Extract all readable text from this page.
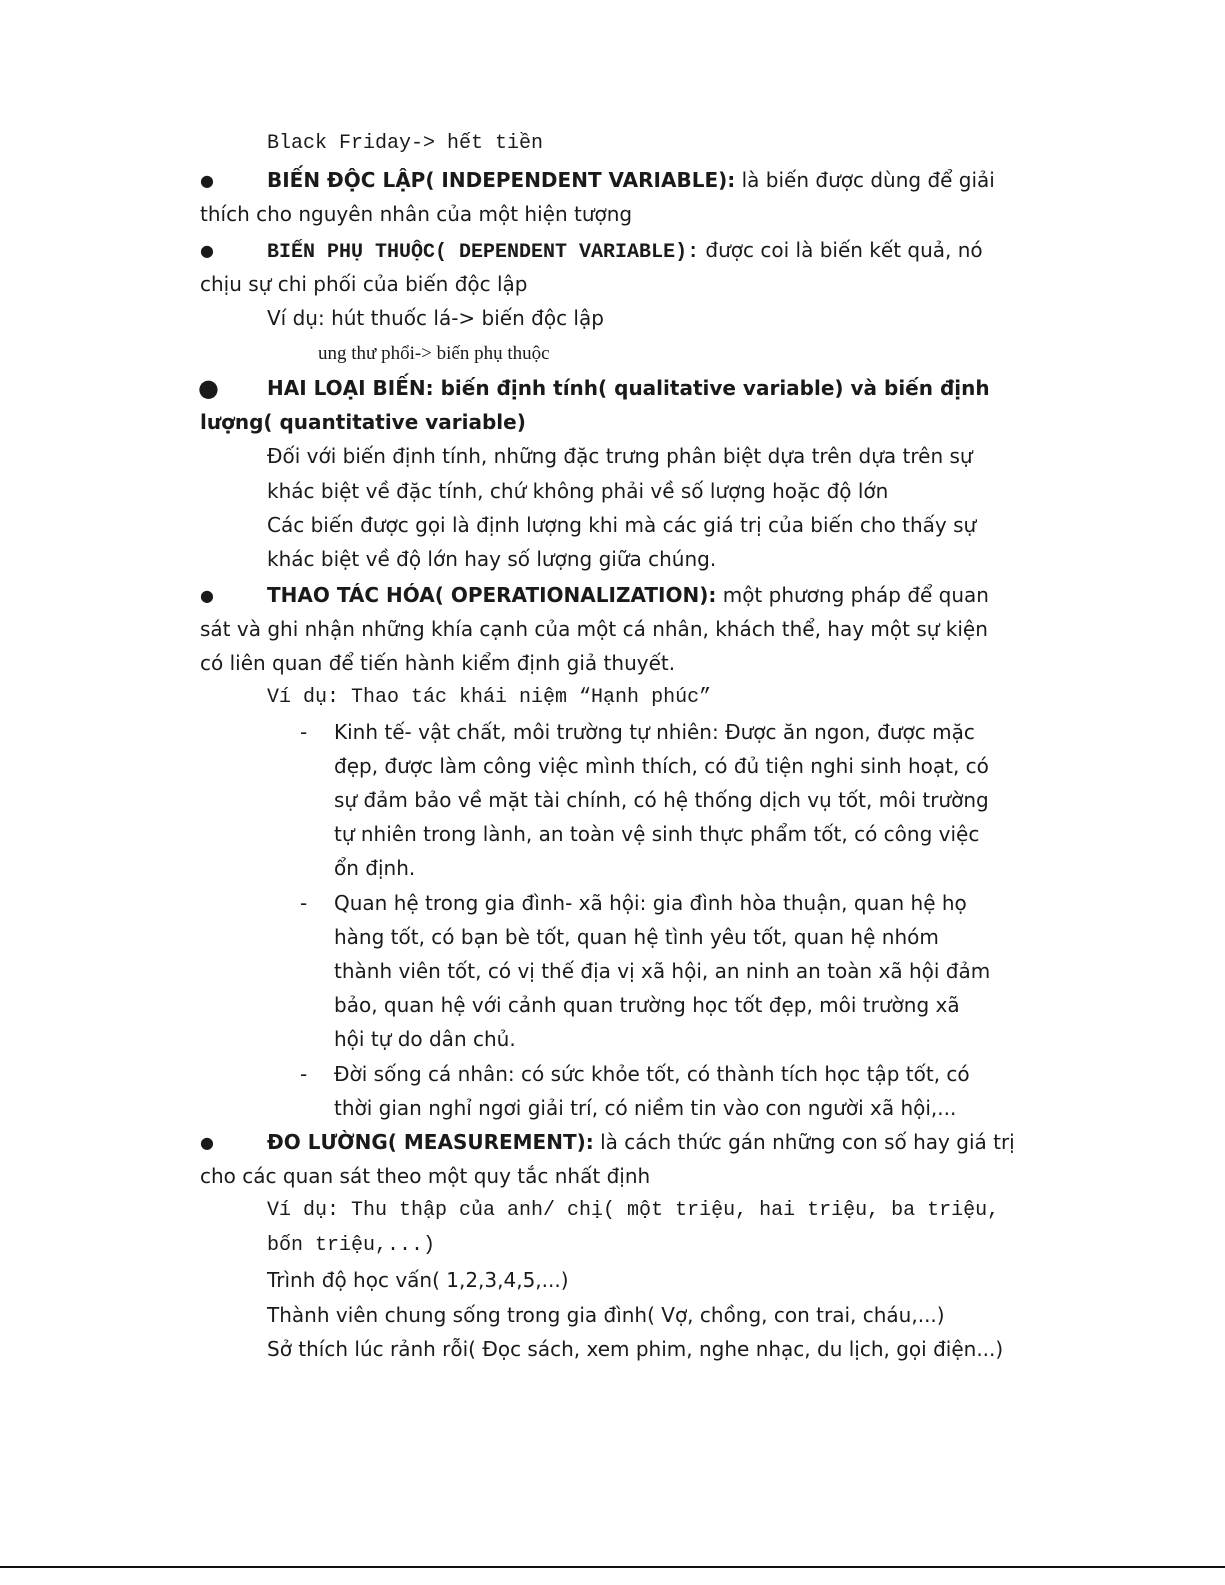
Black Friday-> hết tiền
●	BIẾN ĐỘC LẬP( INDEPENDENT VARIABLE): là biến được dùng để giải
thích cho nguyên nhân của một hiện tượng
●	BIẾN PHỤ THUỘC( DEPENDENT VARIABLE): được coi là biến kết quả, nó
chịu sự chi phối của biến độc lập
Ví dụ: hút thuốc lá-> biến độc lập
ung thư phổi-> biến phụ thuộc
● HAI LOẠI BIẾN: biến định tính( qualitative variable) và biến định
lượng( quantitative variable)
Đối với biến định tính, những đặc trưng phân biệt dựa trên dựa trên sự
khác biệt về đặc tính, chứ không phải về số lượng hoặc độ lớn
Các biến được gọi là định lượng khi mà các giá trị của biến cho thấy sự
khác biệt về độ lớn hay số lượng giữa chúng.
●	THAO TÁC HÓA( OPERATIONALIZATION): một phương pháp để quan
sát và ghi nhận những khía cạnh của một cá nhân, khách thể, hay một sự kiện
có liên quan để tiến hành kiểm định giả thuyết.
Ví dụ: Thao tác khái niệm “Hạnh phúc”
- Kinh tế- vật chất, môi trường tự nhiên: Được ăn ngon, được mặc
đẹp, được làm công việc mình thích, có đủ tiện nghi sinh hoạt, có
sự đảm bảo về mặt tài chính, có hệ thống dịch vụ tốt, môi trường
tự nhiên trong lành, an toàn vệ sinh thực phẩm tốt, có công việc
ổn định.
- Quan hệ trong gia đình- xã hội: gia đình hòa thuận, quan hệ họ
hàng tốt, có bạn bè tốt, quan hệ tình yêu tốt, quan hệ nhóm
thành viên tốt, có vị thế địa vị xã hội, an ninh an toàn xã hội đảm
bảo, quan hệ với cảnh quan trường học tốt đẹp, môi trường xã
hội tự do dân chủ.
- Đời sống cá nhân: có sức khỏe tốt, có thành tích học tập tốt, có
thời gian nghỉ ngơi giải trí, có niềm tin vào con người xã hội,...
●	ĐO LƯỜNG( MEASUREMENT): là cách thức gán những con số hay giá trị
cho các quan sát theo một quy tắc nhất định
Ví dụ: Thu thập của anh/ chị( một triệu, hai triệu, ba triệu,
bốn triệu,...)
Trình độ học vấn( 1,2,3,4,5,...)
Thành viên chung sống trong gia đình( Vợ, chồng, con trai, cháu,...)
Sở thích lúc rảnh rỗi( Đọc sách, xem phim, nghe nhạc, du lịch, gọi điện...)
